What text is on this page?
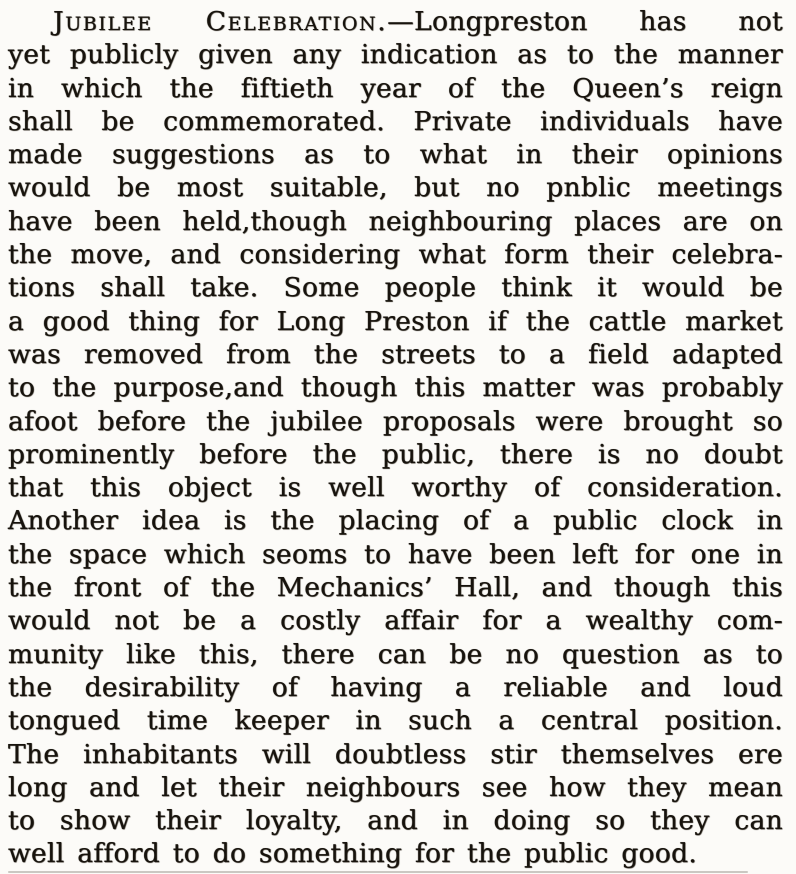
Jubilee Celebration.—Longpreston has not
yet publicly given any indication as to the manner
in which the fiftieth year of the Queen’s reign
shall be commemorated. Private individuals have
made suggestions as to what in their opinions
would be most suitable, but no pnblic meetings
have been held,though neighbouring places are on
the move, and considering what form their celebra-
tions shall take. Some people think it would be
a good thing for Long Preston if the cattle market
was removed from the streets to a field adapted
to the purpose,and though this matter was probably
afoot before the jubilee proposals were brought so
prominently before the public, there is no doubt
that this object is well worthy of consideration.
Another idea is the placing of a public clock in
the space which seoms to have been left for one in
the front of the Mechanics’ Hall, and though this
would not be a costly affair for a wealthy com-
munity like this, there can be no question as to
the desirability of having a reliable and loud
tongued time keeper in such a central position.
The inhabitants will doubtless stir themselves ere
long and let their neighbours see how they mean
to show their loyalty, and in doing so they can
well afford to do something for the public good.
